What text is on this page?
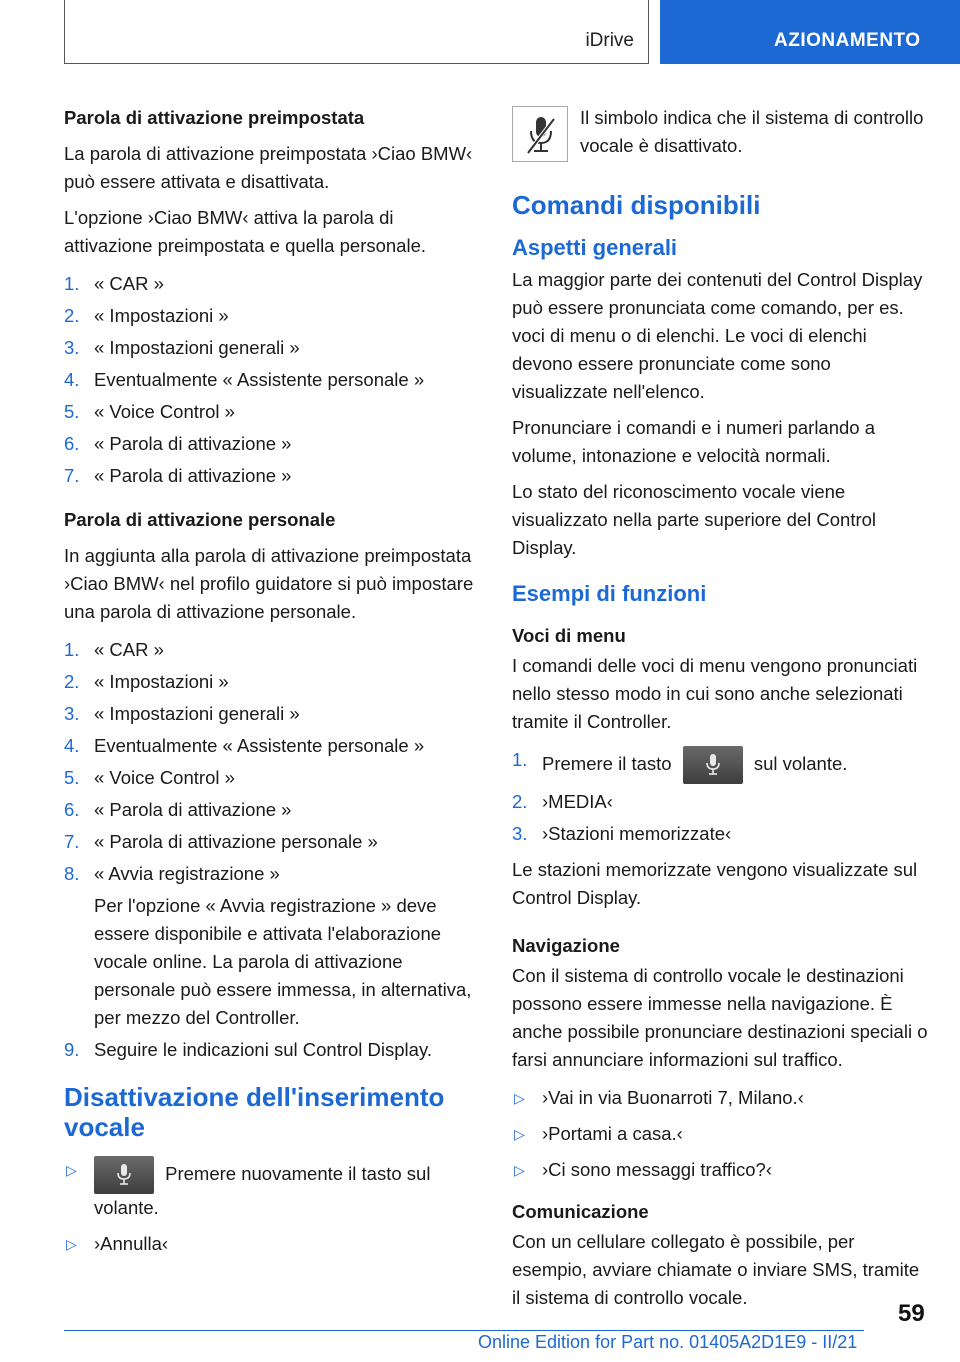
iDrive	AZIONAMENTO

Parola di attivazione preimpostata

La parola di attivazione preimpostata ›Ciao BMW‹ può essere attivata e disattivata.

L'opzione ›Ciao BMW‹ attiva la parola di attivazione preimpostata e quella personale.

1. « CAR »
2. « Impostazioni »
3. « Impostazioni generali »
4. Eventualmente « Assistente personale »
5. « Voice Control »
6. « Parola di attivazione »
7. « Parola di attivazione »

Parola di attivazione personale

In aggiunta alla parola di attivazione preimpostata ›Ciao BMW‹ nel profilo guidatore si può impostare una parola di attivazione personale.

1. « CAR »
2. « Impostazioni »
3. « Impostazioni generali »
4. Eventualmente « Assistente personale »
5. « Voice Control »
6. « Parola di attivazione »
7. « Parola di attivazione personale »
8. « Avvia registrazione »
Per l'opzione « Avvia registrazione » deve essere disponibile e attivata l'elaborazione vocale online. La parola di attivazione personale può essere immessa, in alternativa, per mezzo del Controller.
9. Seguire le indicazioni sul Control Display.
Disattivazione dell'inserimento vocale
▷	Premere nuovamente il tasto sul volante.
▷ ›Annulla‹

Il simbolo indica che il sistema di controllo vocale è disattivato.

Comandi disponibili
Aspetti generali

La maggior parte dei contenuti del Control Display può essere pronunciata come comando, per es. voci di menu o di elenchi. Le voci di elenchi devono essere pronunciate come sono visualizzate nell'elenco.

Pronunciare i comandi e i numeri parlando a volume, intonazione e velocità normali.

Lo stato del riconoscimento vocale viene visualizzato nella parte superiore del Control Display.

Esempi di funzioni

Voci di menu

I comandi delle voci di menu vengono pronunciati nello stesso modo in cui sono anche selezionati tramite il Controller.

1. Premere il tasto	sul volante.
2. ›MEDIA‹
3. ›Stazioni memorizzate‹

Le stazioni memorizzate vengono visualizzate sul Control Display.

Navigazione

Con il sistema di controllo vocale le destinazioni possono essere immesse nella navigazione. È anche possibile pronunciare destinazioni speciali o farsi annunciare informazioni sul traffico.

▷ ›Vai in via Buonarroti 7, Milano.‹
▷ ›Portami a casa.‹
▷ ›Ci sono messaggi traffico?‹

Comunicazione

Con un cellulare collegato è possibile, per esempio, avviare chiamate o inviare SMS, tramite il sistema di controllo vocale.

59
Online Edition for Part no. 01405A2D1E9 - II/21
